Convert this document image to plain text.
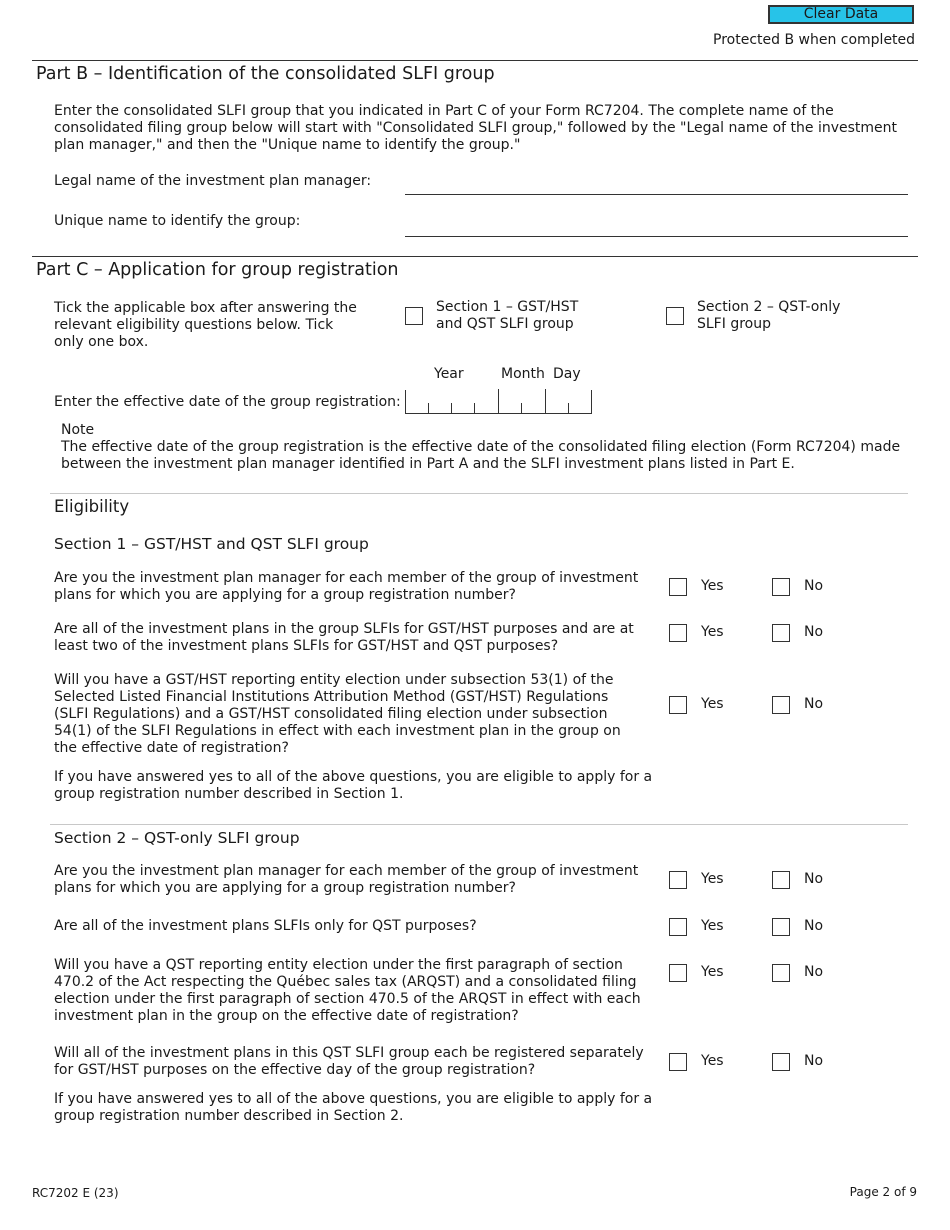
Clear Data
Protected B when completed
Part B – Identification of the consolidated SLFI group
Enter the consolidated SLFI group that you indicated in Part C of your Form RC7204. The complete name of the consolidated filing group below will start with "Consolidated SLFI group," followed by the "Legal name of the investment plan manager," and then the "Unique name to identify the group."
Legal name of the investment plan manager:
Unique name to identify the group:
Part C – Application for group registration
Tick the applicable box after answering the relevant eligibility questions below. Tick only one box.
Section 1 – GST/HST
and QST SLFI group
Section 2 – QST-only
SLFI group
Year	Month Day
Enter the effective date of the group registration:
Note
The effective date of the group registration is the effective date of the consolidated filing election (Form RC7204) made between the investment plan manager identified in Part A and the SLFI investment plans listed in Part E.
Eligibility
Section 1 – GST/HST and QST SLFI group
Are you the investment plan manager for each member of the group of investment plans for which you are applying for a group registration number?
Yes	No
Are all of the investment plans in the group SLFIs for GST/HST purposes and are at least two of the investment plans SLFIs for GST/HST and QST purposes?
Yes	No
Will you have a GST/HST reporting entity election under subsection 53(1) of the Selected Listed Financial Institutions Attribution Method (GST/HST) Regulations (SLFI Regulations) and a GST/HST consolidated filing election under subsection 54(1) of the SLFI Regulations in effect with each investment plan in the group on the effective date of registration?
Yes	No
If you have answered yes to all of the above questions, you are eligible to apply for a group registration number described in Section 1.
Section 2 – QST-only SLFI group
Are you the investment plan manager for each member of the group of investment plans for which you are applying for a group registration number?
Yes	No
Are all of the investment plans SLFIs only for QST purposes?	Yes	No
Will you have a QST reporting entity election under the first paragraph of section 470.2 of the Act respecting the Québec sales tax (ARQST) and a consolidated filing election under the first paragraph of section 470.5 of the ARQST in effect with each investment plan in the group on the effective date of registration?
Yes	No
Will all of the investment plans in this QST SLFI group each be registered separately for GST/HST purposes on the effective day of the group registration?
Yes	No
If you have answered yes to all of the above questions, you are eligible to apply for a group registration number described in Section 2.
RC7202 E (23)	Page 2 of 9
